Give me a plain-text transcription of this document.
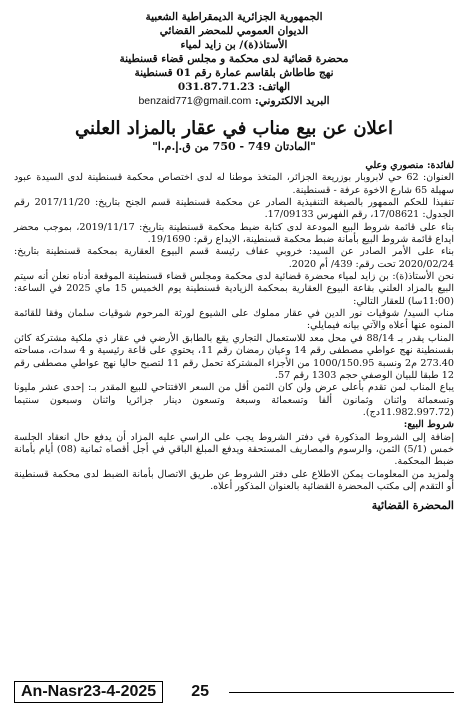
الجمهورية الجزائرية الديمقراطية الشعبية
الديوان العمومي للمحضر القضائي
الأستاذ(ة)/ بن زايد لمياء
محضرة قضائية لدى محكمة و مجلس قضاء قسنطينة
نهج طاطاش بلقاسم عمارة رقم 01 قسنطينة
الهاتف: 031.87.71.23
البريد الالكتروني: benzaid771@gmail.com
اعلان عن بيع مناب في عقار بالمزاد العلني
"المادتان 749 - 750 من ق.إ.م.ا"

لفائدة: منصوري وعلي

العنوان: 62 حي لابروبار بوزريعة الجزائر، المتخذ موطنا له لدى اختصاص محكمة قسنطينة لدى السيدة عبود سهيلة 65 شارع الاخوة عرفة - قسنطينة.

تنفيذا للحكم الممهور بالصيغة التنفيذية الصادر عن محكمة قسنطينة قسم الجنح بتاريخ: 2017/11/20 رقم الجدول: 17/08621، رقم الفهرس 17/09133.

بناء على قائمة شروط البيع المودعة لدى كتابة ضبط محكمة قسنطينة بتاريخ: 2019/11/17، بموجب محضر ايداع قائمة شروط البيع بأمانة ضبط محكمة قسنطينة، الايداع رقم: 19/1690.

بناء على الأمر الصادر عن السيد: خروبي عفاف رئيسة قسم البيوع العقارية بمحكمة قسنطينة بتاريخ: 2020/02/24 تحت رقم: 439/ أم 2020.

نحن الأستاذ(ة): بن زايد لمياء محضرة قضائية لدى محكمة ومجلس قضاء قسنطينة الموقعة أدناه نعلن أنه سيتم البيع بالمزاد العلني بقاعة البيوع العقارية بمحكمة الزيادية قسنطينة يوم الخميس 15 ماي 2025 في الساعة: (11:00سا) للعقار التالي:

مناب السيد/ شوقيات نور الدين في عقار مملوك على الشيوع لورثة المرحوم شوقيات سلمان وفقا للقائمة المنوه عنها أعلاه والآتي بيانه فيمايلي:

المناب يقدر بـ 88/14 في محل معد للاستعمال التجاري يقع بالطابق الأرضي في عقار ذي ملكية مشتركة كائن بقسنطينة نهج عواطي مصطفى رقم 14 وعيان رمضان رقم 11، يحتوي على قاعة رئيسية و 4 سدات، مساحته 273.40 م2 ونسبة 1000/150.95 من الأجزاء المشتركة تحمل رقم 11 لتصبح حاليا نهج عواطي مصطفى رقم 12 طبقا للبيان الوصفي حجم 1303 رقم 57.

يباع المناب لمن تقدم بأعلى عرض ولن كان الثمن أقل من السعر الافتتاحي للبيع المقدر بـ: إحدى عشر مليونا وتسعمائة واثنان وثمانون ألفا وتسعمائة وسبعة وتسعون دينار جزائريا واثنان وسبعون سنتيما (11.982.997.72دج).

شروط البيع:

إضافة إلى الشروط المذكورة في دفتر الشروط يجب على الراسي عليه المزاد أن يدفع حال انعقاد الجلسة خمس (5/1) الثمن، والرسوم والمصاريف المستحقة ويدفع المبلغ الباقي في أجل أقصاه ثمانية (08) أيام بأمانة ضبط المحكمة.

ولمزيد من المعلومات يمكن الاطلاع على دفتر الشروط عن طريق الاتصال بأمانة الضبط لدى محكمة قسنطينة أو التقدم إلى مكتب المحضرة القضائية بالعنوان المذكور أعلاه.

المحضرة القضائية
An-Nasr23-4-2025	25
